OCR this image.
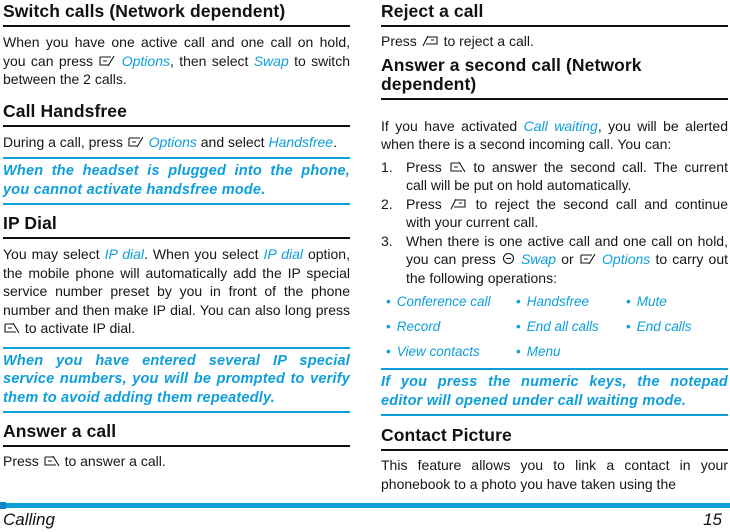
Switch calls (Network dependent)

When you have one active call and one call on hold, you can press
Options, then select Swap to switch between the 2 calls.

Call Handsfree

During a call, press
Options and select Handsfree.

When the headset is plugged into the phone, you cannot activate handsfree mode.
IP Dial

You may select IP dial. When you select IP dial option, the mobile phone will automatically add the IP special service number preset by you in front of the phone number and then make IP dial. You can also long press
to activate IP dial.

When you have entered several IP special service numbers, you will be prompted to verify them to avoid adding them repeatedly.
Answer a call

Press
to answer a call.

Reject a call

Press
to reject a call.

Answer a second call (Network dependent)

If you have activated Call waiting, you will be alerted when there is a second incoming call. You can:

1. Press
to answer the second call. The current call will be put on hold automatically.
2. Press
to reject the second call and continue with your current call.
3. When there is one active call and one call on hold, you can press
Swap or
Options to carry out the following operations:
• Conference call	• Handsfree	• Mute
• Record	• End all calls	• End calls
• View contacts	• Menu
If you press the numeric keys, the notepad editor will opened under call waiting mode.
Contact Picture

This feature allows you to link a contact in your phonebook to a photo you have taken using the

Calling	15
